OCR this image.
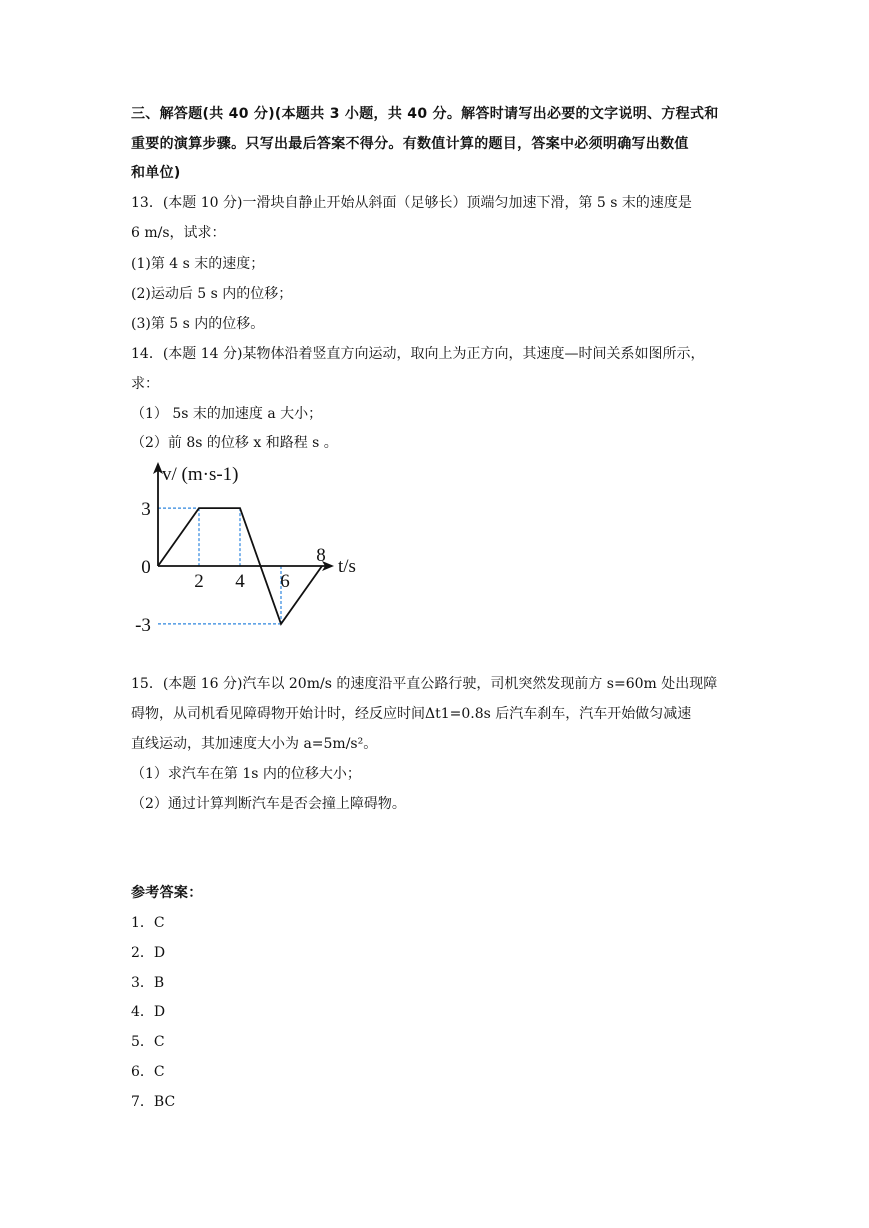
三、解答题(共 40 分)(本题共 3 小题，共 40 分。解答时请写出必要的文字说明、方程式和
重要的演算步骤。只写出最后答案不得分。有数值计算的题目，答案中必须明确写出数值
和单位)
13．(本题 10 分)一滑块自静止开始从斜面（足够长）顶端匀加速下滑，第 5 s 末的速度是
6 m/s，试求：
(1)第 4 s 末的速度；
(2)运动后 5 s 内的位移；
(3)第 5 s 内的位移。
14．(本题 14 分)某物体沿着竖直方向运动，取向上为正方向，其速度—时间关系如图所示，
求：
（1） 5s 末的加速度 a 大小；
（2）前 8s 的位移 x 和路程 s 。
v/ (m·s-1)
t/s
0
2 4 6
8
3
-3
15．(本题 16 分)汽车以 20m/s 的速度沿平直公路行驶，司机突然发现前方 s=60m 处出现障
碍物，从司机看见障碍物开始计时，经反应时间Δt1=0.8s 后汽车刹车，汽车开始做匀减速
直线运动，其加速度大小为 a=5m/s²。
（1）求汽车在第 1s 内的位移大小；
（2）通过计算判断汽车是否会撞上障碍物。
参考答案：
1．C
2．D
3．B
4．D
5．C
6．C
7．BC
